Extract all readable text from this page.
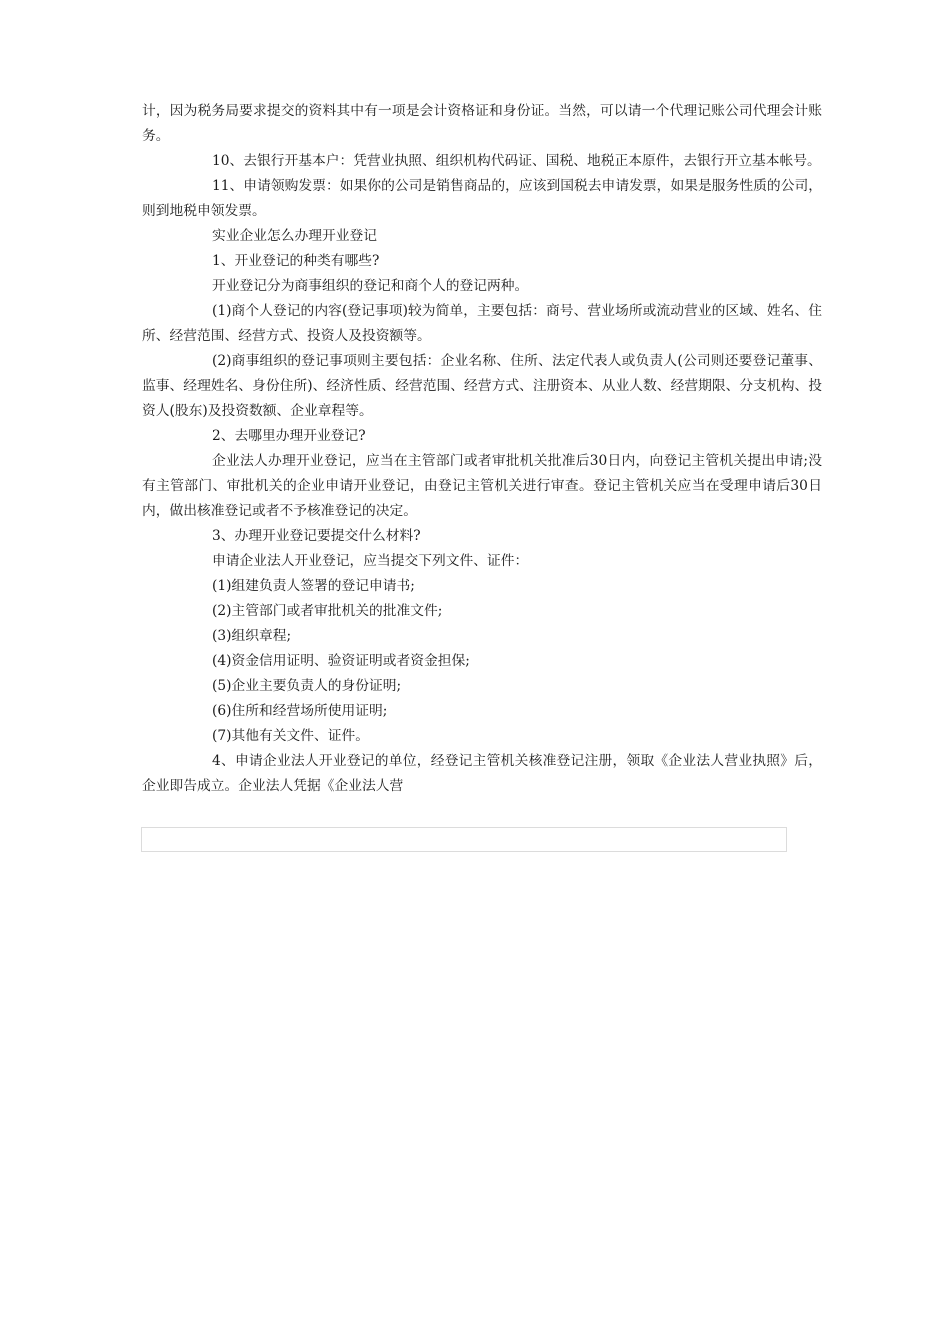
计，因为税务局要求提交的资料其中有一项是会计资格证和身份证。当然，可以请一个代理记账公司代理会计账务。

10、去银行开基本户：凭营业执照、组织机构代码证、国税、地税正本原件，去银行开立基本帐号。

11、申请领购发票：如果你的公司是销售商品的，应该到国税去申请发票，如果是服务性质的公司，则到地税申领发票。

实业企业怎么办理开业登记

1、开业登记的种类有哪些?

开业登记分为商事组织的登记和商个人的登记两种。

(1)商个人登记的内容(登记事项)较为简单，主要包括：商号、营业场所或流动营业的区域、姓名、住所、经营范围、经营方式、投资人及投资额等。

(2)商事组织的登记事项则主要包括：企业名称、住所、法定代表人或负责人(公司则还要登记董事、监事、经理姓名、身份住所)、经济性质、经营范围、经营方式、注册资本、从业人数、经营期限、分支机构、投资人(股东)及投资数额、企业章程等。

2、去哪里办理开业登记?

企业法人办理开业登记，应当在主管部门或者审批机关批准后30日内，向登记主管机关提出申请;没有主管部门、审批机关的企业申请开业登记，由登记主管机关进行审查。登记主管机关应当在受理申请后30日内，做出核准登记或者不予核准登记的决定。

3、办理开业登记要提交什么材料?

申请企业法人开业登记，应当提交下列文件、证件：

(1)组建负责人签署的登记申请书;

(2)主管部门或者审批机关的批准文件;

(3)组织章程;

(4)资金信用证明、验资证明或者资金担保;

(5)企业主要负责人的身份证明;

(6)住所和经营场所使用证明;

(7)其他有关文件、证件。

4、申请企业法人开业登记的单位，经登记主管机关核准登记注册，领取《企业法人营业执照》后，企业即告成立。企业法人凭据《企业法人营
